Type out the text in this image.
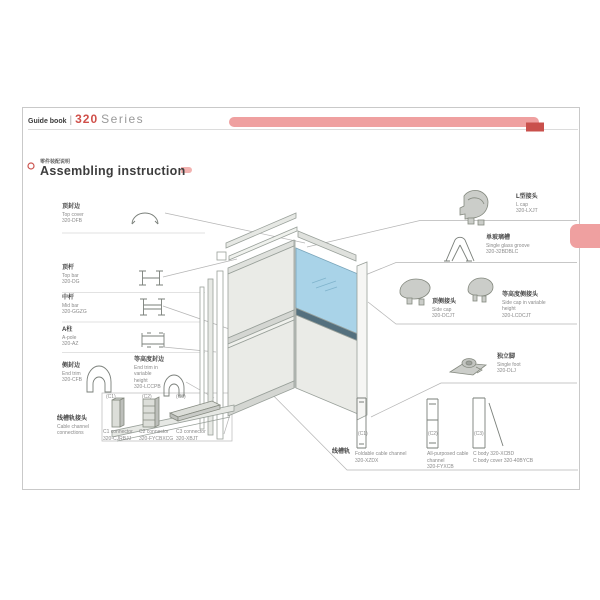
Guide book | 320 Series
零件装配说明
Assembling instruction
顶封边
Top cover
320-DFB
顶杆
Top bar
320-DG
中杆
Mid bar
320-GGZG
A柱
A-pole
320-AZ
侧封边
End trim
320-CFB
等高度封边
End trim in variable height
320-LCCPB
线槽轨接头
Cable channel connections
(C1)	(C2)	(C3)
C1 connector
320-CJRBJJ
C2 connector
320-FYCBXCG
C3 connector
320-XBJT
L型接头
L cap
320-LXJT
单玻璃槽
Single glass groove
320-32BDBLC
顶侧接头
Side cap
320-DCJT
等高度侧接头
Side cap in variable height
320-LCDCJT
独立脚
Single foot
320-DLJ
线槽轨
(C1)	(C2)	(C3)
Foldable cable channel
320-XZDX
All-purposed cable channel
320-FYXCB
C body 320-XCBD
C body cover 320-40BYCB
